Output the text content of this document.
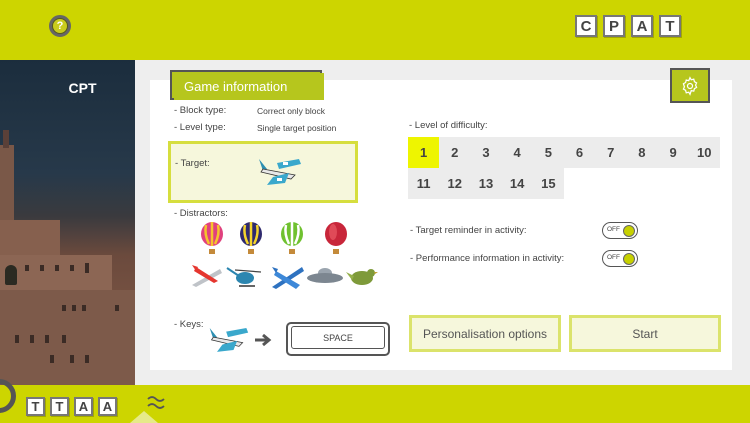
?	C	P	A	T
CPT	Game information
- Block type:	Correct only block
- Level type:	Single target position
- Target:
- Distractors:
- Keys:
SPACE
- Level of difficulty:
1	2	3	4	5	6	7	8	9	10
11	12	13	14	15
- Target reminder in activity:	OFF
- Performance information in activity:	OFF
Personalisation options	Start
T	T	A	A
